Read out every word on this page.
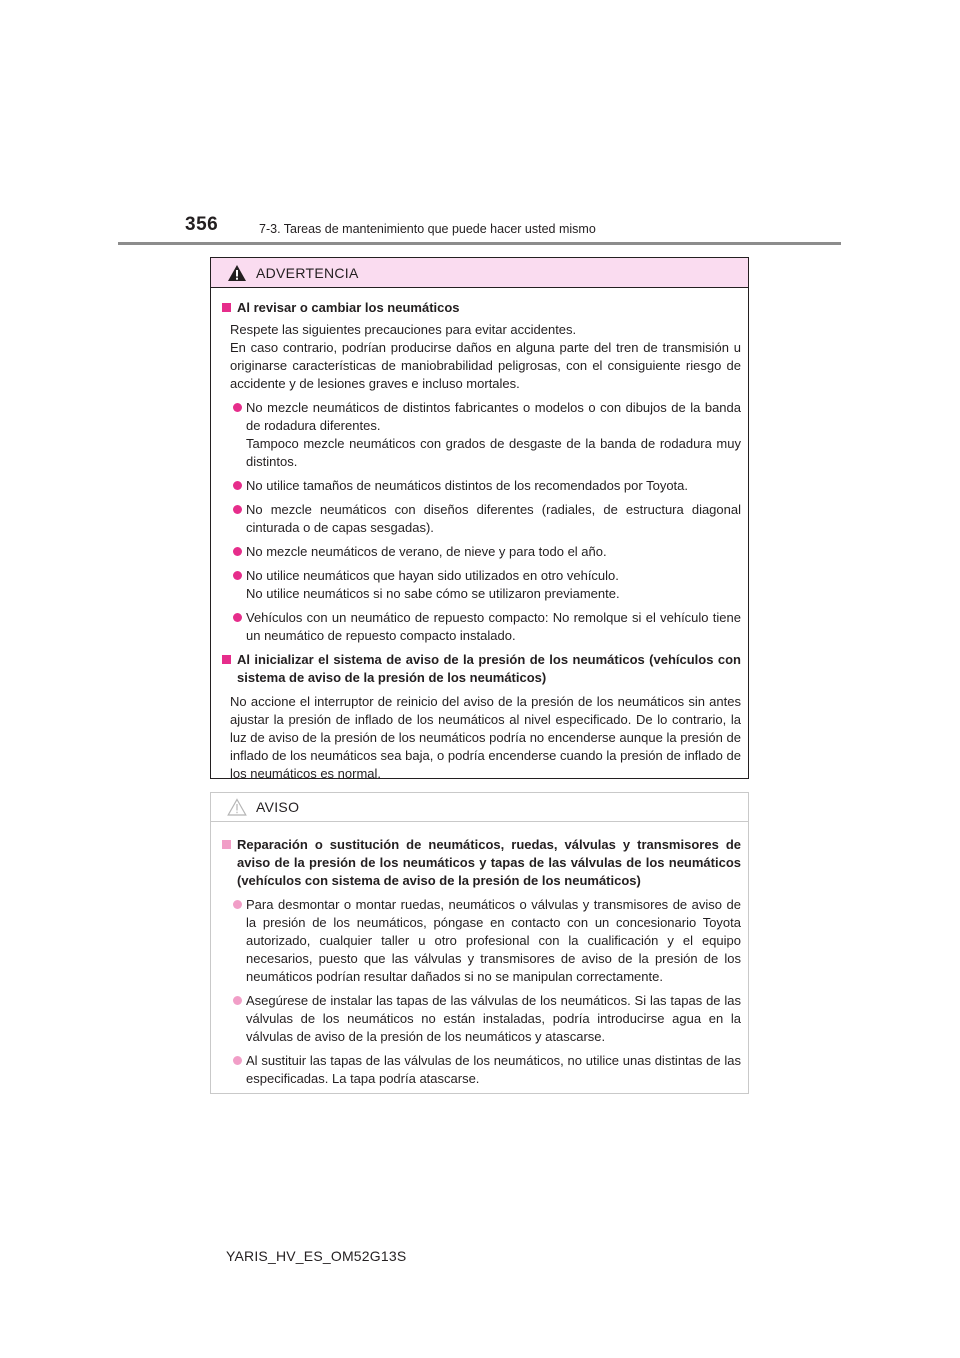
356	7-3. Tareas de mantenimiento que puede hacer usted mismo
ADVERTENCIA
Al revisar o cambiar los neumáticos
Respete las siguientes precauciones para evitar accidentes.
En caso contrario, podrían producirse daños en alguna parte del tren de transmisión u originarse características de maniobrabilidad peligrosas, con el consiguiente riesgo de accidente y de lesiones graves e incluso mortales.
No mezcle neumáticos de distintos fabricantes o modelos o con dibujos de la banda de rodadura diferentes.
Tampoco mezcle neumáticos con grados de desgaste de la banda de rodadura muy distintos.
No utilice tamaños de neumáticos distintos de los recomendados por Toyota.
No mezcle neumáticos con diseños diferentes (radiales, de estructura diagonal cinturada o de capas sesgadas).
No mezcle neumáticos de verano, de nieve y para todo el año.
No utilice neumáticos que hayan sido utilizados en otro vehículo.
No utilice neumáticos si no sabe cómo se utilizaron previamente.
Vehículos con un neumático de repuesto compacto: No remolque si el vehículo tiene un neumático de repuesto compacto instalado.
Al inicializar el sistema de aviso de la presión de los neumáticos (vehículos con sistema de aviso de la presión de los neumáticos)
No accione el interruptor de reinicio del aviso de la presión de los neumáticos sin antes ajustar la presión de inflado de los neumáticos al nivel especificado. De lo contrario, la luz de aviso de la presión de los neumáticos podría no encenderse aunque la presión de inflado de los neumáticos sea baja, o podría encenderse cuando la presión de inflado de los neumáticos es normal.
AVISO
Reparación o sustitución de neumáticos, ruedas, válvulas y transmisores de aviso de la presión de los neumáticos y tapas de las válvulas de los neumáticos (vehículos con sistema de aviso de la presión de los neumáticos)
Para desmontar o montar ruedas, neumáticos o válvulas y transmisores de aviso de la presión de los neumáticos, póngase en contacto con un concesionario Toyota autorizado, cualquier taller u otro profesional con la cualificación y el equipo necesarios, puesto que las válvulas y transmisores de aviso de la presión de los neumáticos podrían resultar dañados si no se manipulan correctamente.
Asegúrese de instalar las tapas de las válvulas de los neumáticos. Si las tapas de las válvulas de los neumáticos no están instaladas, podría introducirse agua en la válvulas de aviso de la presión de los neumáticos y atascarse.
Al sustituir las tapas de las válvulas de los neumáticos, no utilice unas distintas de las especificadas. La tapa podría atascarse.
YARIS_HV_ES_OM52G13S
